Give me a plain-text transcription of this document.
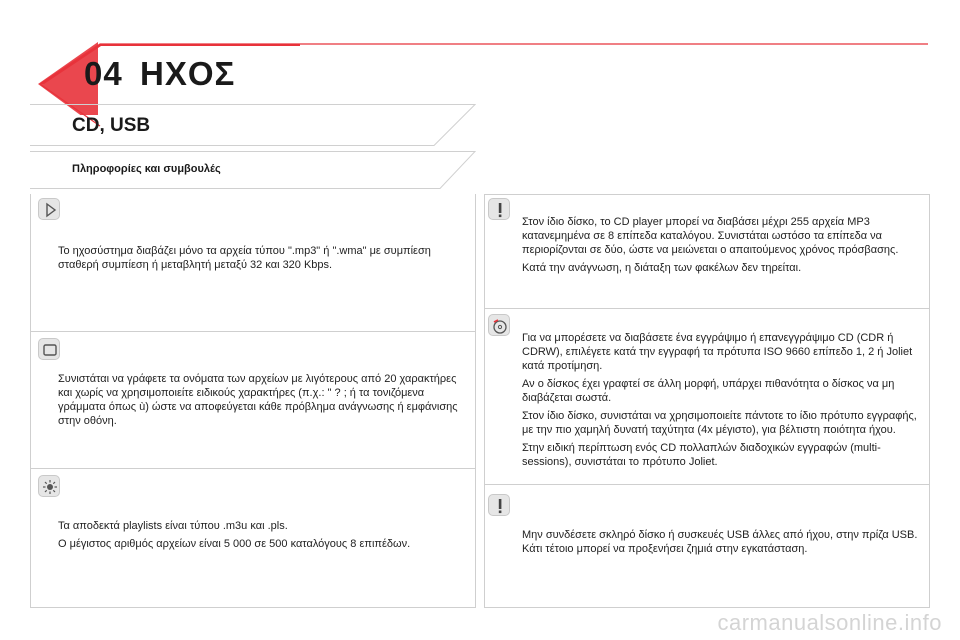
04 ΗΧΟΣ
CD, USB
Πληροφορίες και συμβουλές

Το ηχοσύστημα διαβάζει μόνο τα αρχεία τύπου ".mp3" ή ".wma" με συμπίεση σταθερή συμπίεση ή μεταβλητή μεταξύ 32 και 320 Kbps.

Συνιστάται να γράφετε τα ονόματα των αρχείων με λιγότερους από 20 χαρακτήρες και χωρίς να χρησιμοποιείτε ειδικούς χαρακτήρες (π.χ.: " ? ; ή τα τονιζόμενα γράμματα όπως ù) ώστε να αποφεύγεται κάθε πρόβλημα ανάγνωσης ή εμφάνισης στην οθόνη.

Τα αποδεκτά playlists είναι τύπου .m3u και .pls.

Ο μέγιστος αριθμός αρχείων είναι 5 000 σε 500 καταλόγους 8 επιπέδων.

Στον ίδιο δίσκο, το CD player μπορεί να διαβάσει μέχρι 255 αρχεία MP3 κατανεμημένα σε 8 επίπεδα καταλόγου. Συνιστάται ωστόσο τα επίπεδα να περιορίζονται σε δύο, ώστε να μειώνεται ο απαιτούμενος χρόνος πρόσβασης.

Κατά την ανάγνωση, η διάταξη των φακέλων δεν τηρείται.

Για να μπορέσετε να διαβάσετε ένα εγγράψιμο ή επανεγγράψιμο CD (CDR ή CDRW), επιλέγετε κατά την εγγραφή τα πρότυπα ISO 9660 επίπεδο 1, 2 ή Joliet κατά προτίμηση.

Αν ο δίσκος έχει γραφτεί σε άλλη μορφή, υπάρχει πιθανότητα ο δίσκος να μη διαβάζεται σωστά.

Στον ίδιο δίσκο, συνιστάται να χρησιμοποιείτε πάντοτε το ίδιο πρότυπο εγγραφής, με την πιο χαμηλή δυνατή ταχύτητα (4x μέγιστο), για βέλτιστη ποιότητα ήχου.

Στην ειδική περίπτωση ενός CD πολλαπλών διαδοχικών εγγραφών (multi-sessions), συνιστάται το πρότυπο Joliet.

Μην συνδέσετε σκληρό δίσκο ή συσκευές USB άλλες από ήχου, στην πρίζα USB. Κάτι τέτοιο μπορεί να προξενήσει ζημιά στην εγκατάσταση.

carmanualsonline.info
